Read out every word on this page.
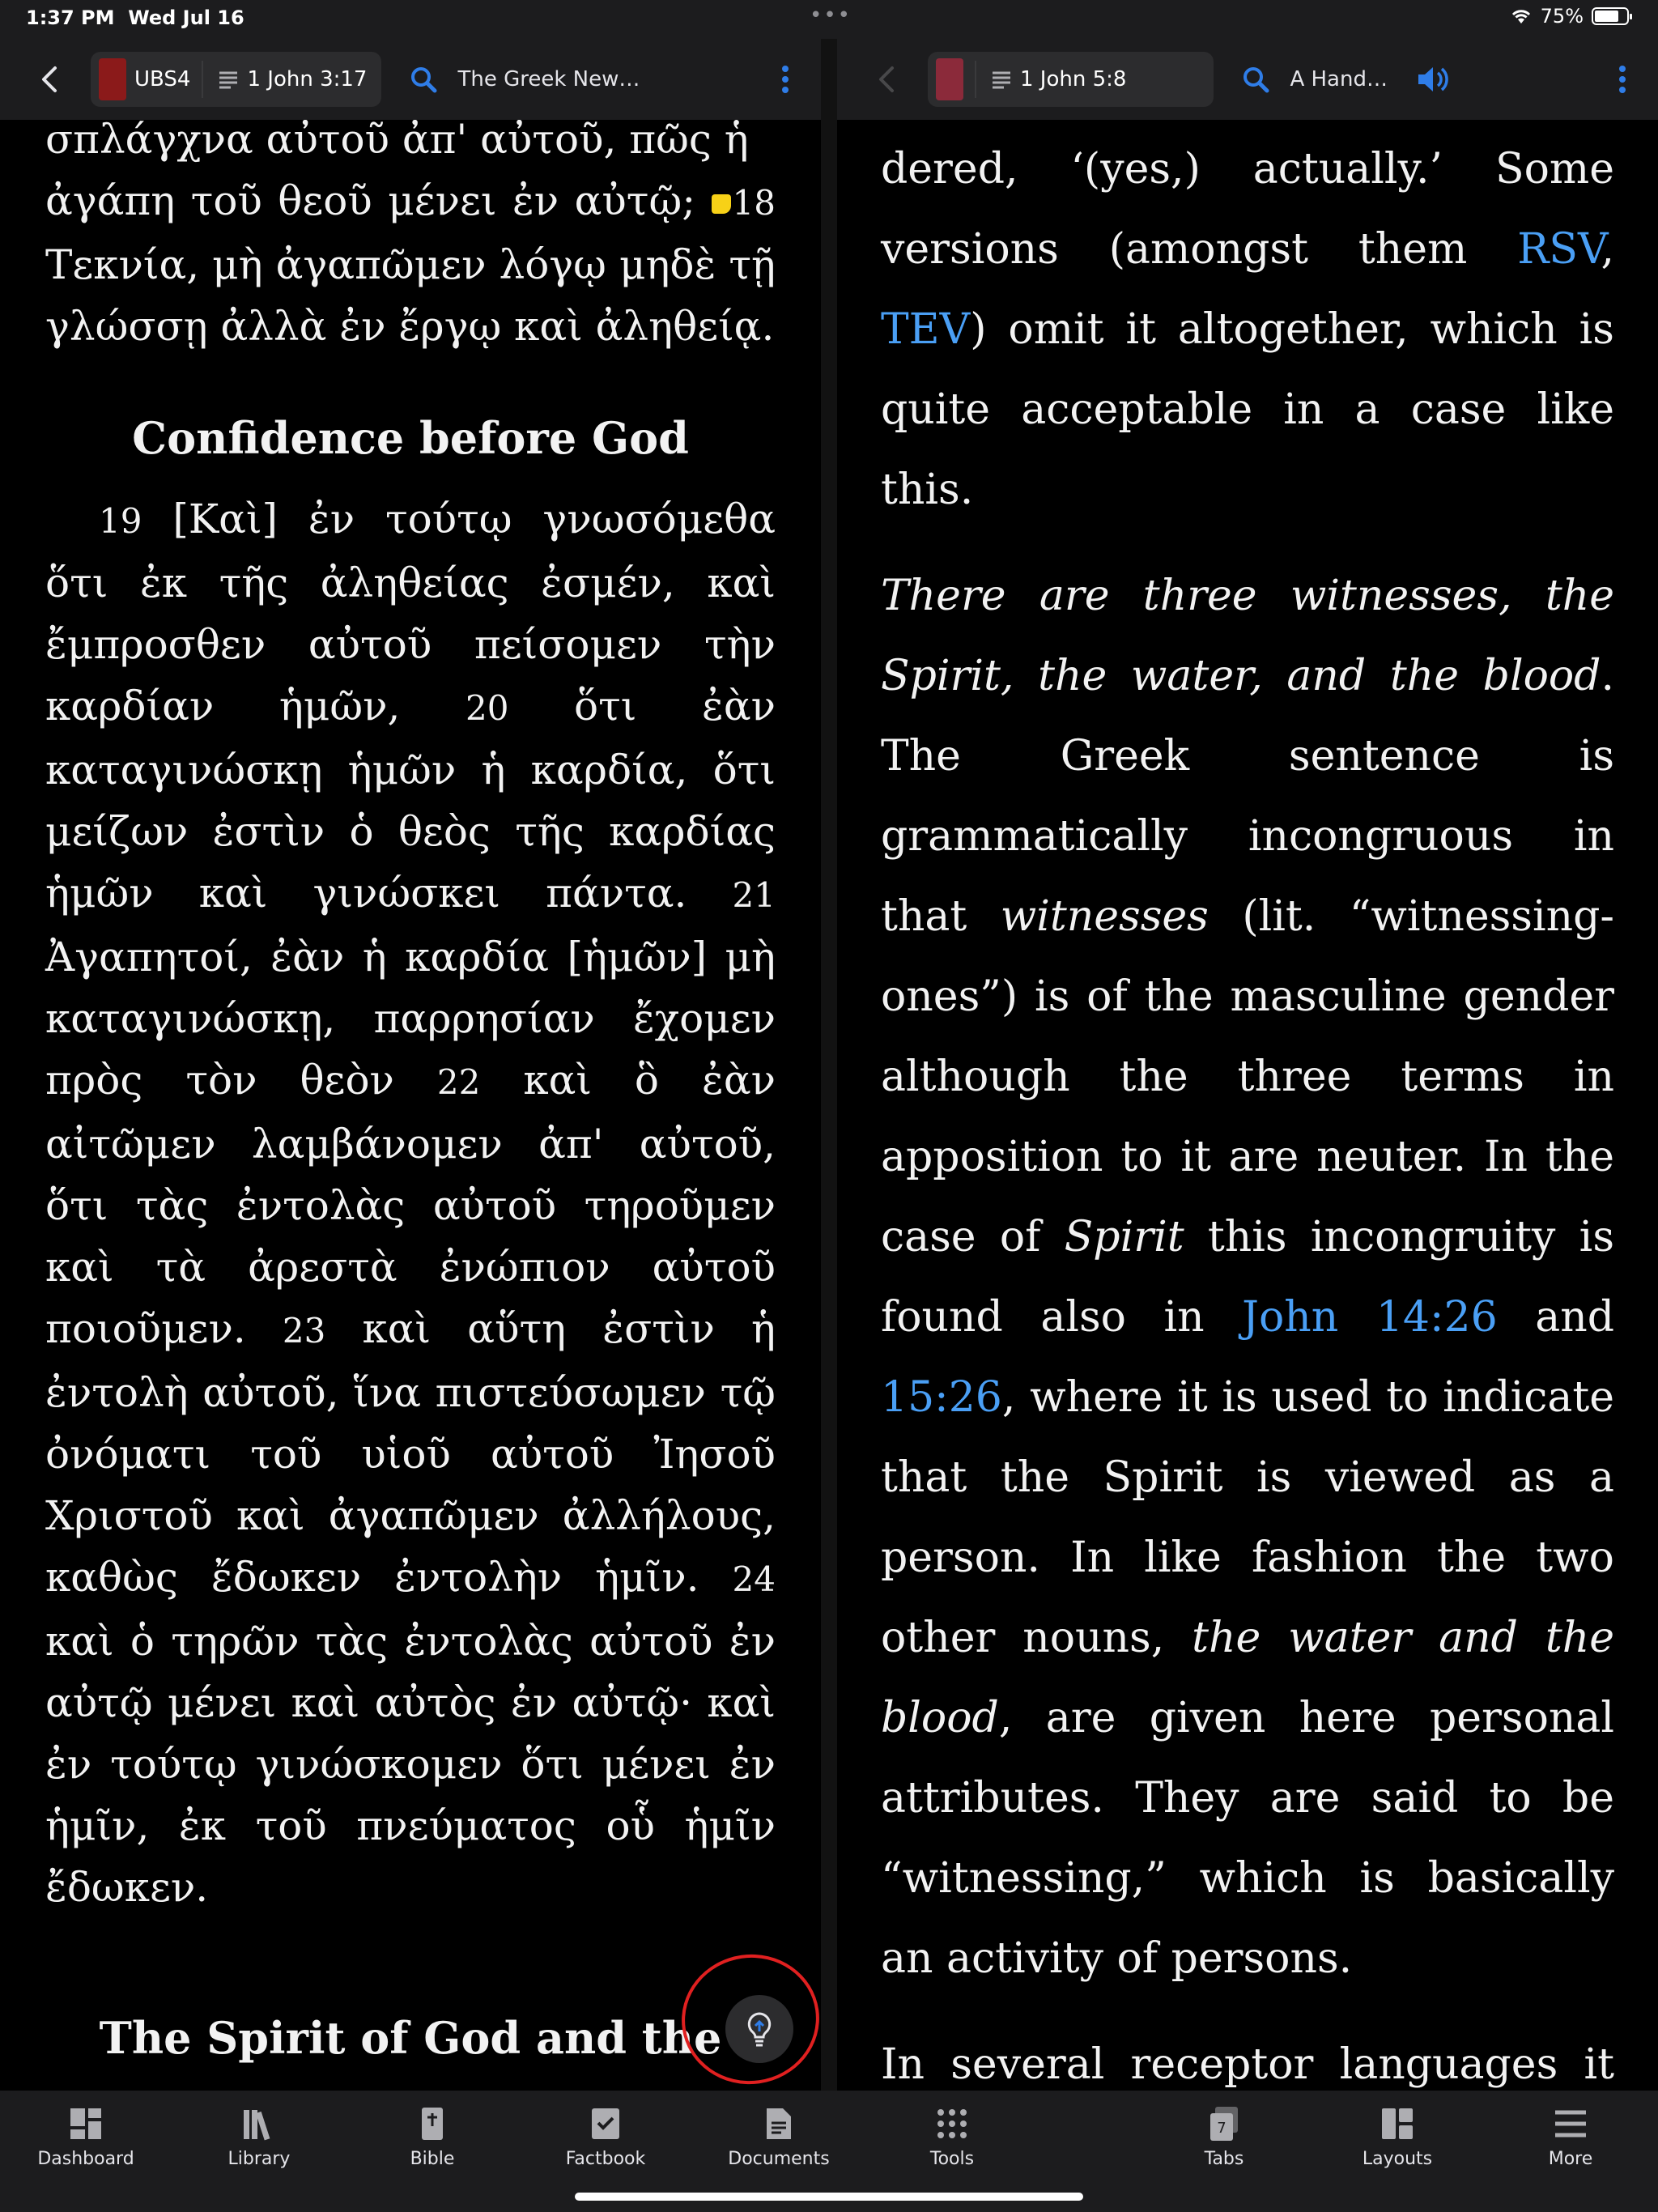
1:37 PM Wed Jul 16	•••	75%
UBS4	1 John 3:17	The Greek New…	1 John 5:8	A Hand…

σπλάγχνα αὐτοῦ ἀπ' αὐτοῦ, πῶς ἡ

ἀγάπη τοῦ θεοῦ μένει ἐν αὐτῷ; 18 Τεκνία, μὴ ἀγαπῶμεν λόγῳ μηδὲ τῇ γλώσσῃ ἀλλὰ ἐν ἔργῳ καὶ ἀληθείᾳ.

Confidence before God

19 [Καὶ] ἐν τούτῳ γνωσόμεθα ὅτι ἐκ τῆς ἀληθείας ἐσμέν, καὶ ἔμπροσθεν αὐτοῦ πείσομεν τὴν καρδίαν ἡμῶν, 20 ὅτι ἐὰν καταγινώσκῃ ἡμῶν ἡ καρδία, ὅτι μείζων ἐστὶν ὁ θεὸς τῆς καρδίας ἡμῶν καὶ γινώσκει πάντα. 21 Ἀγαπητοί, ἐὰν ἡ καρδία [ἡμῶν] μὴ καταγινώσκῃ, παρρησίαν ἔχομεν πρὸς τὸν θεὸν 22 καὶ ὃ ἐὰν αἰτῶμεν λαμβάνομεν ἀπ' αὐτοῦ, ὅτι τὰς ἐντολὰς αὐτοῦ τηροῦμεν καὶ τὰ ἀρεστὰ ἐνώπιον αὐτοῦ ποιοῦμεν. 23 καὶ αὕτη ἐστὶν ἡ ἐντολὴ αὐτοῦ, ἵνα πιστεύσωμεν τῷ ὀνόματι τοῦ υἱοῦ αὐτοῦ Ἰησοῦ Χριστοῦ καὶ ἀγαπῶμεν ἀλλήλους, καθὼς ἔδωκεν ἐντολὴν ἡμῖν. 24 καὶ ὁ τηρῶν τὰς ἐντολὰς αὐτοῦ ἐν αὐτῷ μένει καὶ αὐτὸς ἐν αὐτῷ· καὶ ἐν τούτῳ γινώσκομεν ὅτι μένει ἐν ἡμῖν, ἐκ τοῦ πνεύματος οὗ ἡμῖν ἔδωκεν.

The Spirit of God and the

dered, ‘(yes,) actually.’ Some versions (amongst them RSV, TEV) omit it altogether, which is quite acceptable in a case like this.

There are three witnesses, the Spirit, the water, and the blood. The Greek sentence is grammatically incongruous in that witnesses (lit. “witnessing-ones”) is of the masculine gender although the three terms in apposition to it are neuter. In the case of Spirit this incongruity is found also in John 14:26 and 15:26, where it is used to indicate that the Spirit is viewed as a person. In like fashion the two other nouns, the water and the blood, are given here personal attributes. They are said to be “witnessing,” which is basically an activity of persons.

In several receptor languages it

Dashboard	Library	Bible	Factbook	Documents	Tools
7
Tabs	Layouts	More
